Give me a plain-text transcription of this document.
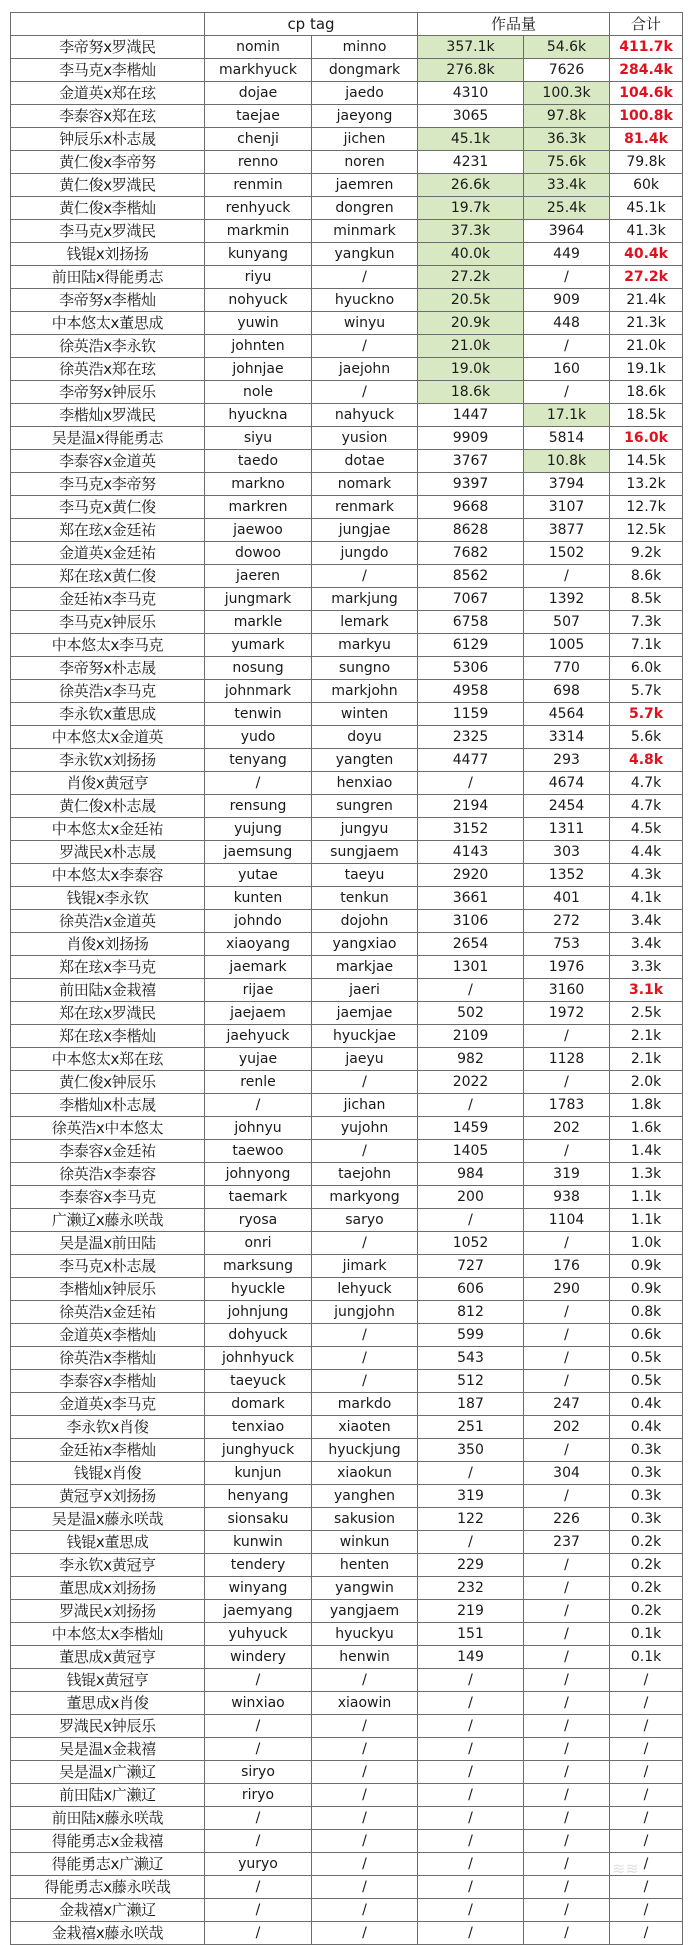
	cp tag		作品量		合计
李帝努x罗渽民	nomin	minno	357.1k	54.6k	411.7k
李马克x李楷灿	markhyuck	dongmark	276.8k	7626	284.4k
金道英x郑在玹	dojae	jaedo	4310	100.3k	104.6k
李泰容x郑在玹	taejae	jaeyong	3065	97.8k	100.8k
钟辰乐x朴志晟	chenji	jichen	45.1k	36.3k	81.4k
黄仁俊x李帝努	renno	noren	4231	75.6k	79.8k
黄仁俊x罗渽民	renmin	jaemren	26.6k	33.4k	60k
黄仁俊x李楷灿	renhyuck	dongren	19.7k	25.4k	45.1k
李马克x罗渽民	markmin	minmark	37.3k	3964	41.3k
钱锟x刘扬扬	kunyang	yangkun	40.0k	449	40.4k
前田陆x得能勇志	riyu	/	27.2k	/	27.2k
李帝努x李楷灿	nohyuck	hyuckno	20.5k	909	21.4k
中本悠太x董思成	yuwin	winyu	20.9k	448	21.3k
徐英浩x李永钦	johnten	/	21.0k	/	21.0k
徐英浩x郑在玹	johnjae	jaejohn	19.0k	160	19.1k
李帝努x钟辰乐	nole	/	18.6k	/	18.6k
李楷灿x罗渽民	hyuckna	nahyuck	1447	17.1k	18.5k
吴是温x得能勇志	siyu	yusion	9909	5814	16.0k
李泰容x金道英	taedo	dotae	3767	10.8k	14.5k
李马克x李帝努	markno	nomark	9397	3794	13.2k
李马克x黄仁俊	markren	renmark	9668	3107	12.7k
郑在玹x金廷祐	jaewoo	jungjae	8628	3877	12.5k
金道英x金廷祐	dowoo	jungdo	7682	1502	9.2k
郑在玹x黄仁俊	jaeren	/	8562	/	8.6k
金廷祐x李马克	jungmark	markjung	7067	1392	8.5k
李马克x钟辰乐	markle	lemark	6758	507	7.3k
中本悠太x李马克	yumark	markyu	6129	1005	7.1k
李帝努x朴志晟	nosung	sungno	5306	770	6.0k
徐英浩x李马克	johnmark	markjohn	4958	698	5.7k
李永钦x董思成	tenwin	winten	1159	4564	5.7k
中本悠太x金道英	yudo	doyu	2325	3314	5.6k
李永钦x刘扬扬	tenyang	yangten	4477	293	4.8k
肖俊x黄冠亨	/	henxiao	/	4674	4.7k
黄仁俊x朴志晟	rensung	sungren	2194	2454	4.7k
中本悠太x金廷祐	yujung	jungyu	3152	1311	4.5k
罗渽民x朴志晟	jaemsung	sungjaem	4143	303	4.4k
中本悠太x李泰容	yutae	taeyu	2920	1352	4.3k
钱锟x李永钦	kunten	tenkun	3661	401	4.1k
徐英浩x金道英	johndo	dojohn	3106	272	3.4k
肖俊x刘扬扬	xiaoyang	yangxiao	2654	753	3.4k
郑在玹x李马克	jaemark	markjae	1301	1976	3.3k
前田陆x金栽禧	rijae	jaeri	/	3160	3.1k
郑在玹x罗渽民	jaejaem	jaemjae	502	1972	2.5k
郑在玹x李楷灿	jaehyuck	hyuckjae	2109	/	2.1k
中本悠太x郑在玹	yujae	jaeyu	982	1128	2.1k
黄仁俊x钟辰乐	renle	/	2022	/	2.0k
李楷灿x朴志晟	/	jichan	/	1783	1.8k
徐英浩x中本悠太	johnyu	yujohn	1459	202	1.6k
李泰容x金廷祐	taewoo	/	1405	/	1.4k
徐英浩x李泰容	johnyong	taejohn	984	319	1.3k
李泰容x李马克	taemark	markyong	200	938	1.1k
广濑辽x藤永咲哉	ryosa	saryo	/	1104	1.1k
吴是温x前田陆	onri	/	1052	/	1.0k
李马克x朴志晟	marksung	jimark	727	176	0.9k
李楷灿x钟辰乐	hyuckle	lehyuck	606	290	0.9k
徐英浩x金廷祐	johnjung	jungjohn	812	/	0.8k
金道英x李楷灿	dohyuck	/	599	/	0.6k
徐英浩x李楷灿	johnhyuck	/	543	/	0.5k
李泰容x李楷灿	taeyuck	/	512	/	0.5k
金道英x李马克	domark	markdo	187	247	0.4k
李永钦x肖俊	tenxiao	xiaoten	251	202	0.4k
金廷祐x李楷灿	junghyuck	hyuckjung	350	/	0.3k
钱锟x肖俊	kunjun	xiaokun	/	304	0.3k
黄冠亨x刘扬扬	henyang	yanghen	319	/	0.3k
吴是温x藤永咲哉	sionsaku	sakusion	122	226	0.3k
钱锟x董思成	kunwin	winkun	/	237	0.2k
李永钦x黄冠亨	tendery	henten	229	/	0.2k
董思成x刘扬扬	winyang	yangwin	232	/	0.2k
罗渽民x刘扬扬	jaemyang	yangjaem	219	/	0.2k
中本悠太x李楷灿	yuhyuck	hyuckyu	151	/	0.1k
董思成x黄冠亨	windery	henwin	149	/	0.1k
钱锟x黄冠亨	/	/	/	/	/
董思成x肖俊	winxiao	xiaowin	/	/	/
罗渽民x钟辰乐	/	/	/	/	/
吴是温x金栽禧	/	/	/	/	/
吴是温x广濑辽	siryo	/	/	/	/
前田陆x广濑辽	riryo	/	/	/	/
前田陆x藤永咲哉	/	/	/	/	/
得能勇志x金栽禧	/	/	/	/	/
得能勇志x广濑辽	yuryo	/	/	/	/
得能勇志x藤永咲哉	/	/	/	/	/
金栽禧x广濑辽	/	/	/	/	/
金栽禧x藤永咲哉	/	/	/	/	/
≋≋
